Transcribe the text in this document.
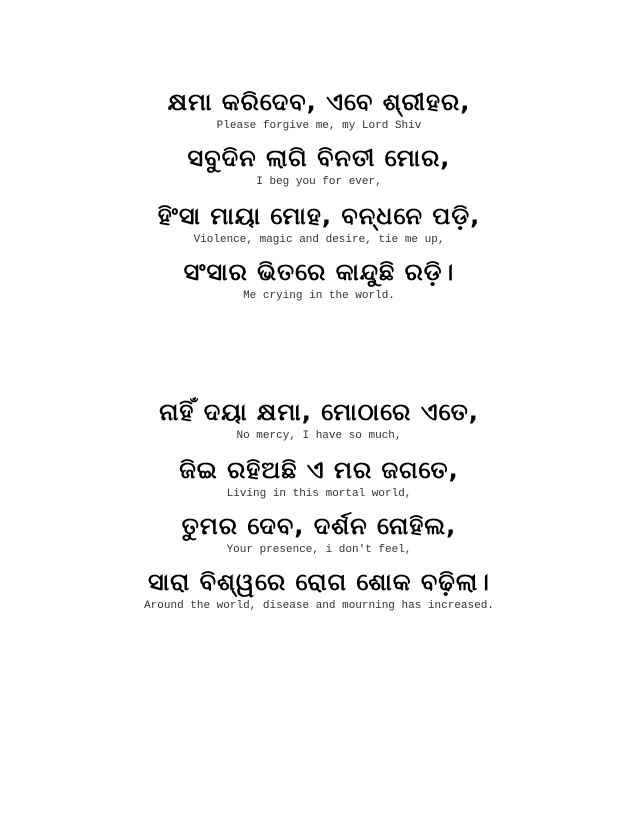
କ୍ଷମା କରିଦେବ, ଏବେ ଶ୍ରୀହର,
Please forgive me, my Lord Shiv
ସବୁଦିନ ଲାଗି ବିନତୀ ମୋର,
I beg you for ever,
ହିଂସା ମାୟା ମୋହ, ବନ୍ଧନେ ପଡ଼ି,
Violence, magic and desire, tie me up,
ସଂସାର ଭିତରେ କାନ୍ଦୁଛି ରଡ଼ି।
Me crying in the world.
ନାହିଁ ଦୟା କ୍ଷମା, ମୋଠାରେ ଏତେ,
No mercy, I have so much,
ଜିଇ ରହିଅଛି ଏ ମର ଜଗତେ,
Living in this mortal world,
ତୁମର ଦେବ, ଦର୍ଶନ ନୋହିଲ,
Your presence, i don't feel,
ସାରା ବିଶ୍ୱରେ ରୋଗ ଶୋକ ବଢ଼ିଲା।
Around the world, disease and mourning has increased.
